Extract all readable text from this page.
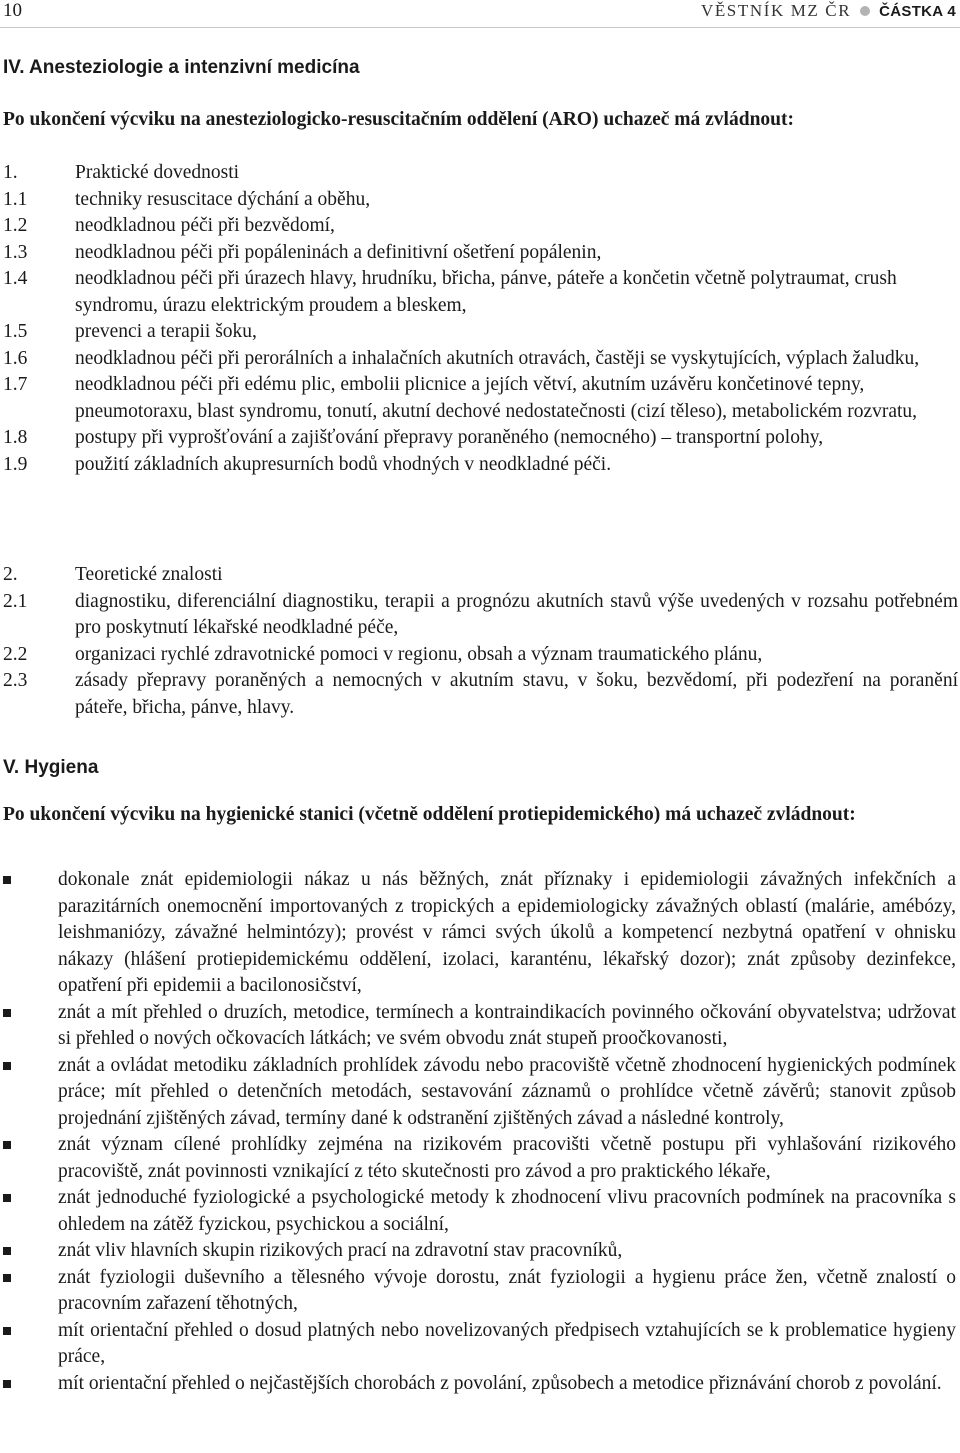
10	VĚSTNÍK MZ ČR ČÁSTKA 4
IV. Anesteziologie a intenzivní medicína
Po ukončení výcviku na anesteziologicko-resuscitačním oddělení (ARO) uchazeč má zvládnout:
1.	Praktické dovednosti
1.1	techniky resuscitace dýchání a oběhu,
1.2	neodkladnou péči při bezvědomí,
1.3	neodkladnou péči při popáleninách a definitivní ošetření popálenin,
1.4	neodkladnou péči při úrazech hlavy, hrudníku, břicha, pánve, páteře a končetin včetně polytraumat, crush syndromu, úrazu elektrickým proudem a bleskem,
1.5	prevenci a terapii šoku,
1.6	neodkladnou péči při perorálních a inhalačních akutních otravách, častěji se vyskytujících, výplach žaludku,
1.7	neodkladnou péči při edému plic, embolii plicnice a jejích větví, akutním uzávěru končetinové tepny, pneumotoraxu, blast syndromu, tonutí, akutní dechové nedostatečnosti (cizí těleso), metabolickém rozvratu,
1.8	postupy při vyprošťování a zajišťování přepravy poraněného (nemocného) – transportní polohy,
1.9	použití základních akupresurních bodů vhodných v neodkladné péči.
2.	Teoretické znalosti
2.1	diagnostiku, diferenciální diagnostiku, terapii a prognózu akutních stavů výše uvedených v rozsahu potřebném pro poskytnutí lékařské neodkladné péče,
2.2	organizaci rychlé zdravotnické pomoci v regionu, obsah a význam traumatického plánu,
2.3	zásady přepravy poraněných a nemocných v akutním stavu, v šoku, bezvědomí, při podezření na poranění páteře, břicha, pánve, hlavy.
V. Hygiena
Po ukončení výcviku na hygienické stanici (včetně oddělení protiepidemického) má uchazeč zvládnout:
dokonale znát epidemiologii nákaz u nás běžných, znát příznaky i epidemiologii závažných infekčních a parazitárních onemocnění importovaných z tropických a epidemiologicky závažných oblastí (malárie, amébózy, leishmaniózy, závažné helmintózy); provést v rámci svých úkolů a kompetencí nezbytná opatření v ohnisku nákazy (hlášení protiepidemickému oddělení, izolaci, karanténu, lékařský dozor); znát způsoby dezinfekce, opatření při epidemii a bacilonosičství,
znát a mít přehled o druzích, metodice, termínech a kontraindikacích povinného očkování obyvatelstva; udržovat si přehled o nových očkovacích látkách; ve svém obvodu znát stupeň proočkovanosti,
znát a ovládat metodiku základních prohlídek závodu nebo pracoviště včetně zhodnocení hygienických podmínek práce; mít přehled o detenčních metodách, sestavování záznamů o prohlídce včetně závěrů; stanovit způsob projednání zjištěných závad, termíny dané k odstranění zjištěných závad a následné kontroly,
znát význam cílené prohlídky zejména na rizikovém pracovišti včetně postupu při vyhlašování rizikového pracoviště, znát povinnosti vznikající z této skutečnosti pro závod a pro praktického lékaře,
znát jednoduché fyziologické a psychologické metody k zhodnocení vlivu pracovních podmínek na pracovníka s ohledem na zátěž fyzickou, psychickou a sociální,
znát vliv hlavních skupin rizikových prací na zdravotní stav pracovníků,
znát fyziologii duševního a tělesného vývoje dorostu, znát fyziologii a hygienu práce žen, včetně znalostí o pracovním zařazení těhotných,
mít orientační přehled o dosud platných nebo novelizovaných předpisech vztahujících se k problematice hygieny práce,
mít orientační přehled o nejčastějších chorobách z povolání, způsobech a metodice přiznávání chorob z povolání.
